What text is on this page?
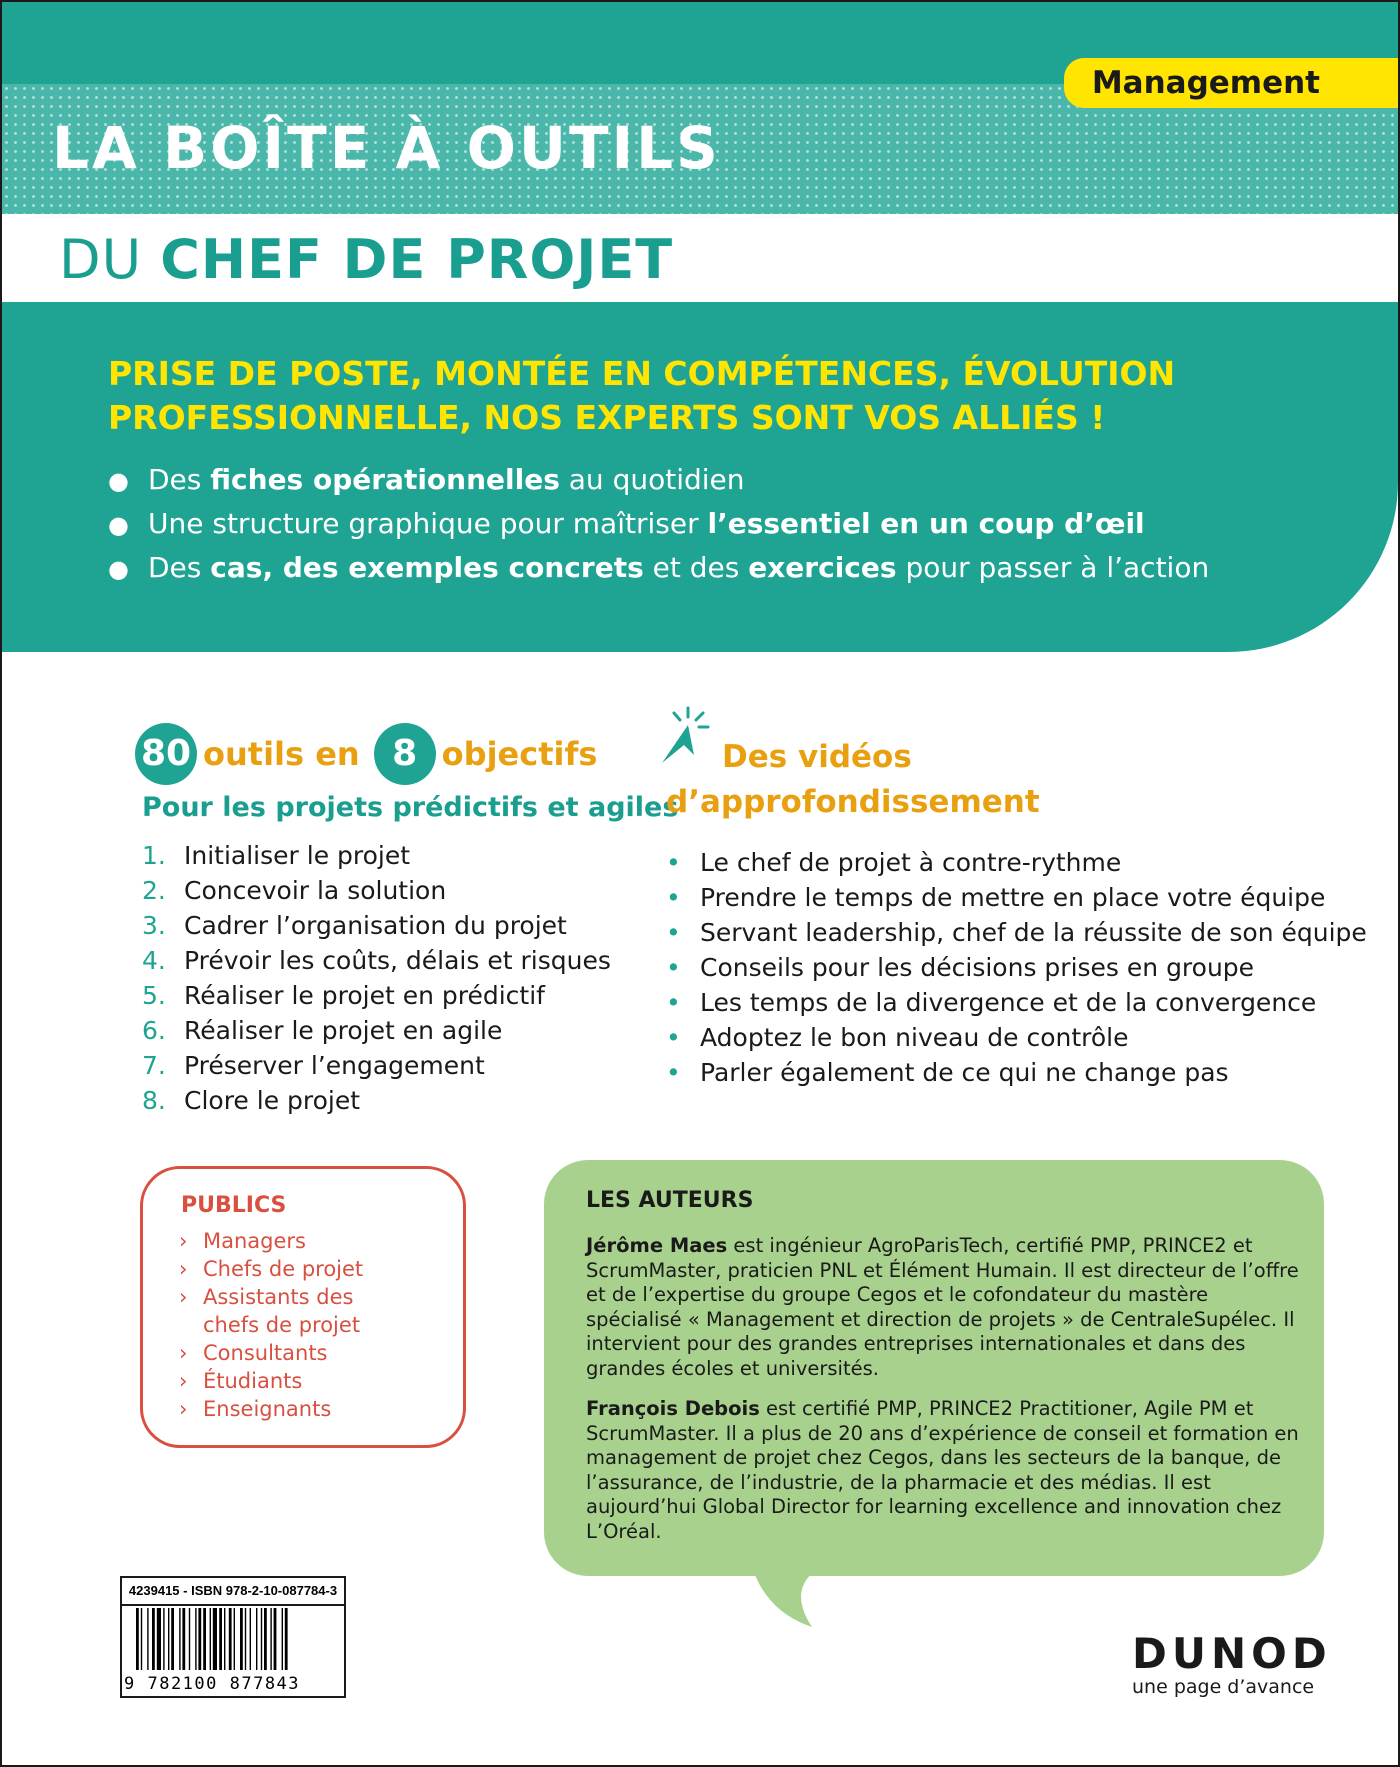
Management
LA BOÎTE À OUTILS
DU CHEF DE PROJET

PRISE DE POSTE, MONTÉE EN COMPÉTENCES, ÉVOLUTION PROFESSIONNELLE, NOS EXPERTS SONT VOS ALLIÉS !

● Des fiches opérationnelles au quotidien
● Une structure graphique pour maîtriser l’essentiel en un coup d’œil
● Des cas, des exemples concrets et des exercices pour passer à l’action
80 outils en 8 objectifs
Pour les projets prédictifs et agiles
1. Initialiser le projet
2. Concevoir la solution
3. Cadrer l’organisation du projet
4. Prévoir les coûts, délais et risques
5. Réaliser le projet en prédictif
6. Réaliser le projet en agile
7. Préserver l’engagement
8. Clore le projet
Des vidéos
d’approfondissement
• Le chef de projet à contre-rythme
• Prendre le temps de mettre en place votre équipe
• Servant leadership, chef de la réussite de son équipe
• Conseils pour les décisions prises en groupe
• Les temps de la divergence et de la convergence
• Adoptez le bon niveau de contrôle
• Parler également de ce qui ne change pas
PUBLICS
› Managers
› Chefs de projet
› Assistants des chefs de projet
› Consultants
› Étudiants
› Enseignants
LES AUTEURS

Jérôme Maes est ingénieur AgroParisTech, certifié PMP, PRINCE2 et ScrumMaster, praticien PNL et Élément Humain. Il est directeur de l’offre et de l’expertise du groupe Cegos et le cofondateur du mastère spécialisé « Management et direction de projets » de CentraleSupélec. Il intervient pour des grandes entreprises internationales et dans des grandes écoles et universités.

François Debois est certifié PMP, PRINCE2 Practitioner, Agile PM et ScrumMaster. Il a plus de 20 ans d’expérience de conseil et formation en management de projet chez Cegos, dans les secteurs de la banque, de l’assurance, de l’industrie, de la pharmacie et des médias. Il est aujourd’hui Global Director for learning excellence and innovation chez L’Oréal.

4239415 - ISBN 978-2-10-087784-3
9 782100 877843
DUNOD
une page d’avance
